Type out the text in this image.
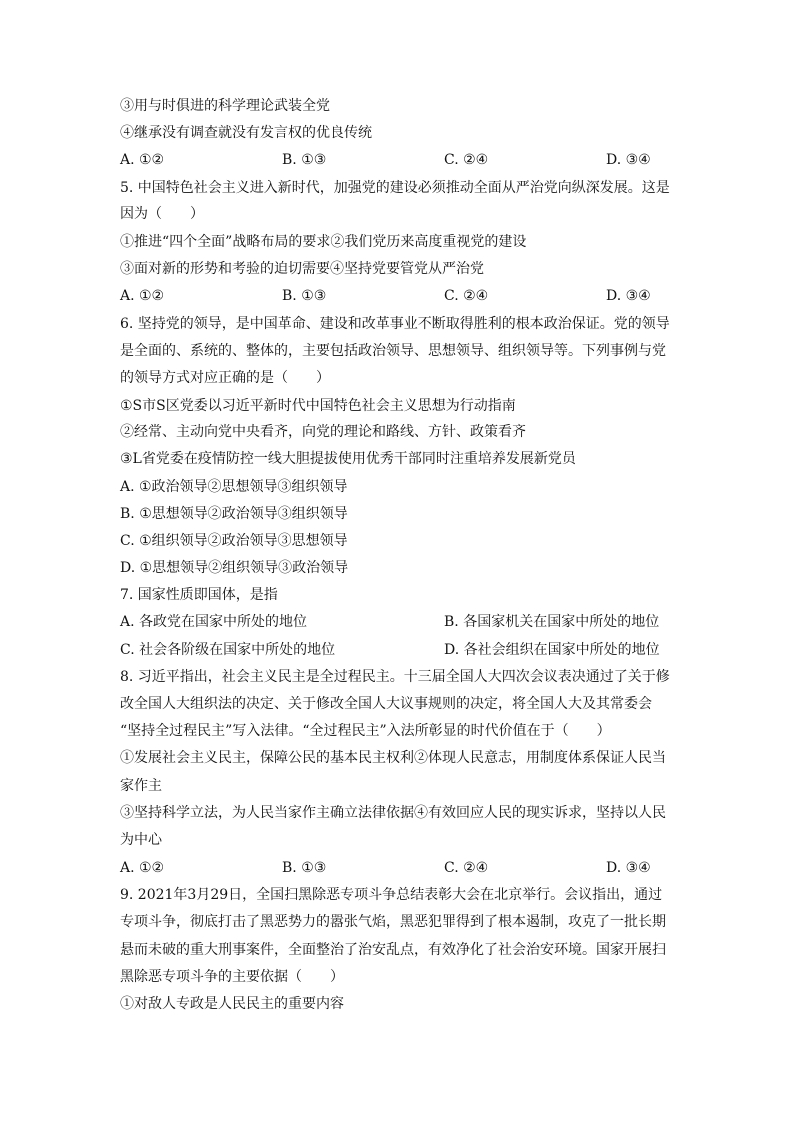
③用与时俱进的科学理论武装全党
④继承没有调查就没有发言权的优良传统
A. ①②	B. ①③	C. ②④	D. ③④
5. 中国特色社会主义进入新时代，加强党的建设必须推动全面从严治党向纵深发展。这是
因为（　　）
①推进“四个全面”战略布局的要求②我们党历来高度重视党的建设
③面对新的形势和考验的迫切需要④坚持党要管党从严治党
A. ①②	B. ①③	C. ②④	D. ③④
6. 坚持党的领导，是中国革命、建设和改革事业不断取得胜利的根本政治保证。党的领导
是全面的、系统的、整体的，主要包括政治领导、思想领导、组织领导等。下列事例与党
的领导方式对应正确的是（　　）
①S市S区党委以习近平新时代中国特色社会主义思想为行动指南
②经常、主动向党中央看齐，向党的理论和路线、方针、政策看齐
③L省党委在疫情防控一线大胆提拔使用优秀干部同时注重培养发展新党员
A. ①政治领导②思想领导③组织领导
B. ①思想领导②政治领导③组织领导
C. ①组织领导②政治领导③思想领导
D. ①思想领导②组织领导③政治领导
7. 国家性质即国体，是指
A. 各政党在国家中所处的地位	B. 各国家机关在国家中所处的地位
C. 社会各阶级在国家中所处的地位	D. 各社会组织在国家中所处的地位
8. 习近平指出，社会主义民主是全过程民主。十三届全国人大四次会议表决通过了关于修
改全国人大组织法的决定、关于修改全国人大议事规则的决定，将全国人大及其常委会
“坚持全过程民主”写入法律。“全过程民主”入法所彰显的时代价值在于（　　）
①发展社会主义民主，保障公民的基本民主权利②体现人民意志，用制度体系保证人民当
家作主
③坚持科学立法，为人民当家作主确立法律依据④有效回应人民的现实诉求，坚持以人民
为中心
A. ①②	B. ①③	C. ②④	D. ③④
9. 2021年3月29日，全国扫黑除恶专项斗争总结表彰大会在北京举行。会议指出，通过
专项斗争，彻底打击了黑恶势力的嚣张气焰，黑恶犯罪得到了根本遏制，攻克了一批长期
悬而未破的重大刑事案件，全面整治了治安乱点，有效净化了社会治安环境。国家开展扫
黑除恶专项斗争的主要依据（　　）
①对敌人专政是人民民主的重要内容
